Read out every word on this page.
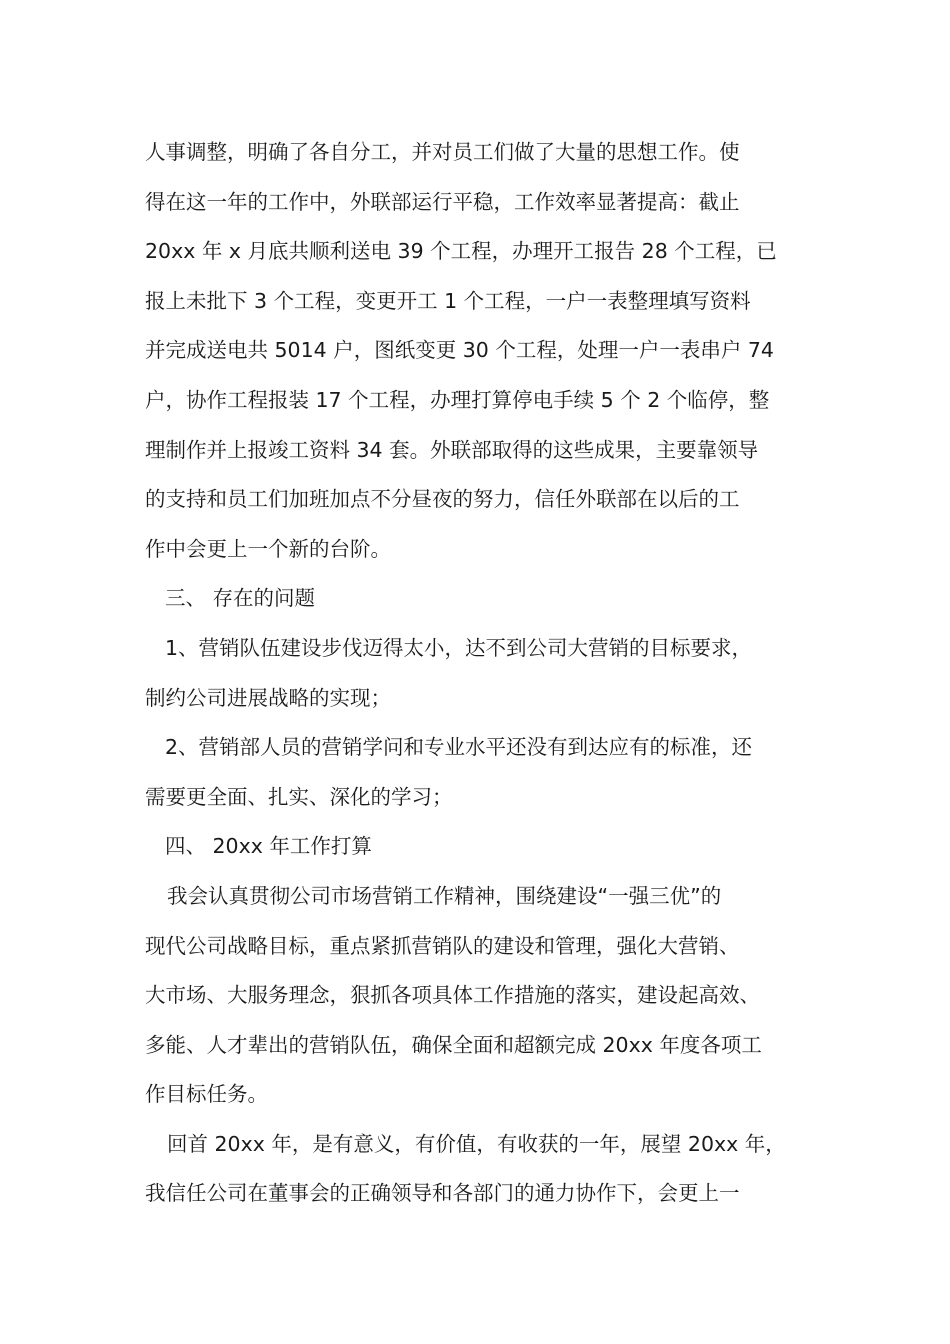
人事调整，明确了各自分工，并对员工们做了大量的思想工作。使
得在这一年的工作中，外联部运行平稳，工作效率显著提高：截止
20xx 年 x 月底共顺利送电 39 个工程，办理开工报告 28 个工程，已
报上未批下 3 个工程，变更开工 1 个工程，一户一表整理填写资料
并完成送电共 5014 户，图纸变更 30 个工程，处理一户一表串户 74
户，协作工程报装 17 个工程，办理打算停电手续 5 个 2 个临停，整
理制作并上报竣工资料 34 套。外联部取得的这些成果，主要靠领导
的支持和员工们加班加点不分昼夜的努力，信任外联部在以后的工
作中会更上一个新的台阶。
三、 存在的问题
1、营销队伍建设步伐迈得太小，达不到公司大营销的目标要求，
制约公司进展战略的实现；
2、营销部人员的营销学问和专业水平还没有到达应有的标准，还
需要更全面、扎实、深化的学习；
四、 20xx 年工作打算
我会认真贯彻公司市场营销工作精神，围绕建设“一强三优”的
现代公司战略目标，重点紧抓营销队的建设和管理，强化大营销、
大市场、大服务理念，狠抓各项具体工作措施的落实，建设起高效、
多能、人才辈出的营销队伍，确保全面和超额完成 20xx 年度各项工
作目标任务。
回首 20xx 年，是有意义，有价值，有收获的一年，展望 20xx 年，
我信任公司在董事会的正确领导和各部门的通力协作下，会更上一
